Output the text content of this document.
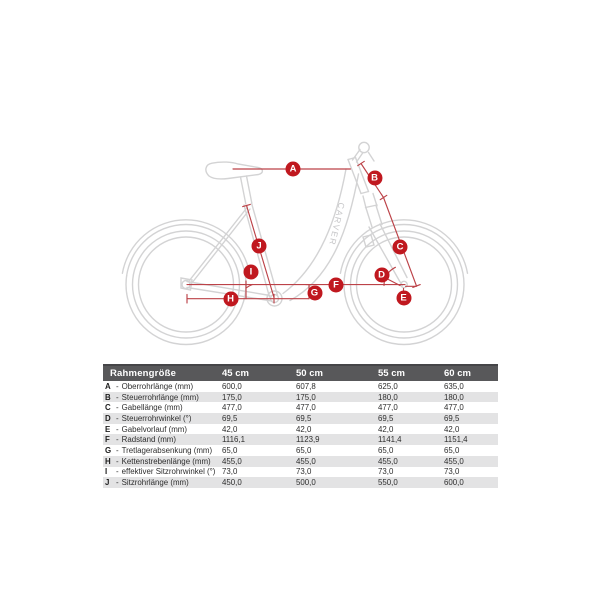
CARVER
A
B
C
D
E
F
G
H
I
J
Rahmengröße	45 cm	50 cm	55 cm	60 cm
A - Oberrohrlänge (mm)	600,0	607,8	625,0	635,0
B - Steuerrohrlänge (mm)	175,0	175,0	180,0	180,0
C - Gabellänge (mm)	477,0	477,0	477,0	477,0
D - Steuerrohrwinkel (°)	69,5	69,5	69,5	69,5
E - Gabelvorlauf (mm)	42,0	42,0	42,0	42,0
F - Radstand (mm)	1116,1	1123,9	1141,4	1151,4
G - Tretlagerabsenkung (mm) 65,0	65,0	65,0	65,0
H - Kettenstrebenlänge (mm) 455,0	455,0	455,0	455,0
I	- effektiver Sitzrohrwinkel (°) 73,0	73,0	73,0	73,0
J - Sitzrohrlänge (mm)	450,0	500,0	550,0	600,0
